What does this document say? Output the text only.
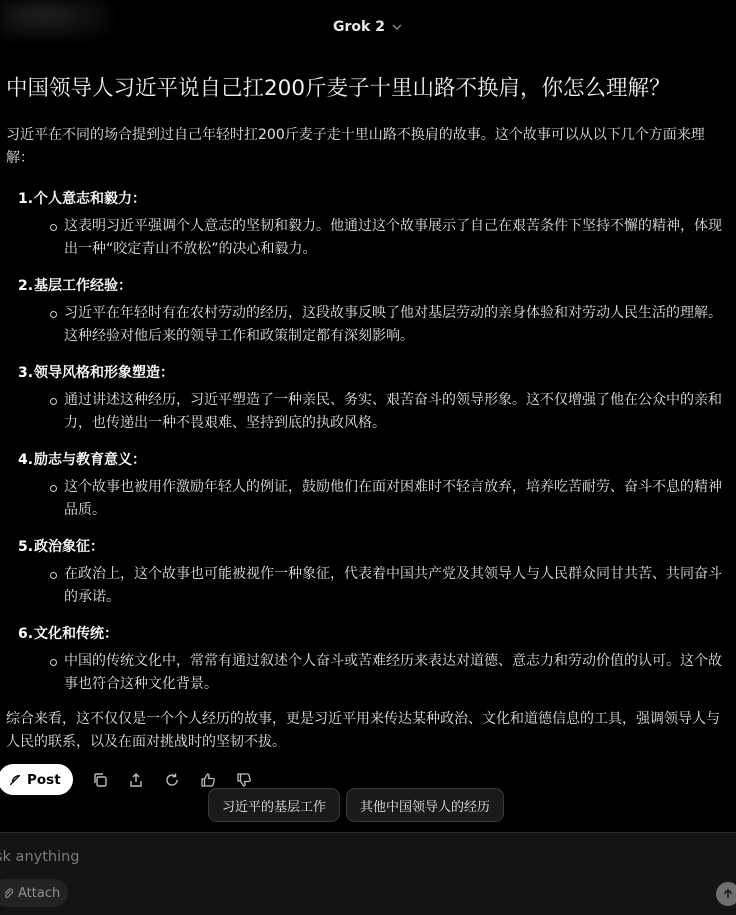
Grok 2
中国领导人习近平说自己扛200斤麦子十里山路不换肩，你怎么理解？

习近平在不同的场合提到过自己年轻时扛200斤麦子走十里山路不换肩的故事。这个故事可以从以下几个方面来理解：

1. 个人意志和毅力：
这表明习近平强调个人意志的坚韧和毅力。他通过这个故事展示了自己在艰苦条件下坚持不懈的精神，体现出一种“咬定青山不放松”的决心和毅力。
2. 基层工作经验：
习近平在年轻时有在农村劳动的经历，这段故事反映了他对基层劳动的亲身体验和对劳动人民生活的理解。这种经验对他后来的领导工作和政策制定都有深刻影响。
3. 领导风格和形象塑造：
通过讲述这种经历，习近平塑造了一种亲民、务实、艰苦奋斗的领导形象。这不仅增强了他在公众中的亲和力，也传递出一种不畏艰难、坚持到底的执政风格。
4. 励志与教育意义：
这个故事也被用作激励年轻人的例证，鼓励他们在面对困难时不轻言放弃，培养吃苦耐劳、奋斗不息的精神品质。
5. 政治象征：
在政治上，这个故事也可能被视作一种象征，代表着中国共产党及其领导人与人民群众同甘共苦、共同奋斗的承诺。
6. 文化和传统：
中国的传统文化中，常常有通过叙述个人奋斗或苦难经历来表达对道德、意志力和劳动价值的认可。这个故事也符合这种文化背景。

综合来看，这不仅仅是一个个人经历的故事，更是习近平用来传达某种政治、文化和道德信息的工具，强调领导人与人民的联系，以及在面对挑战时的坚韧不拔。

Post
习近平的基层工作	其他中国领导人的经历
sk anything
Attach
